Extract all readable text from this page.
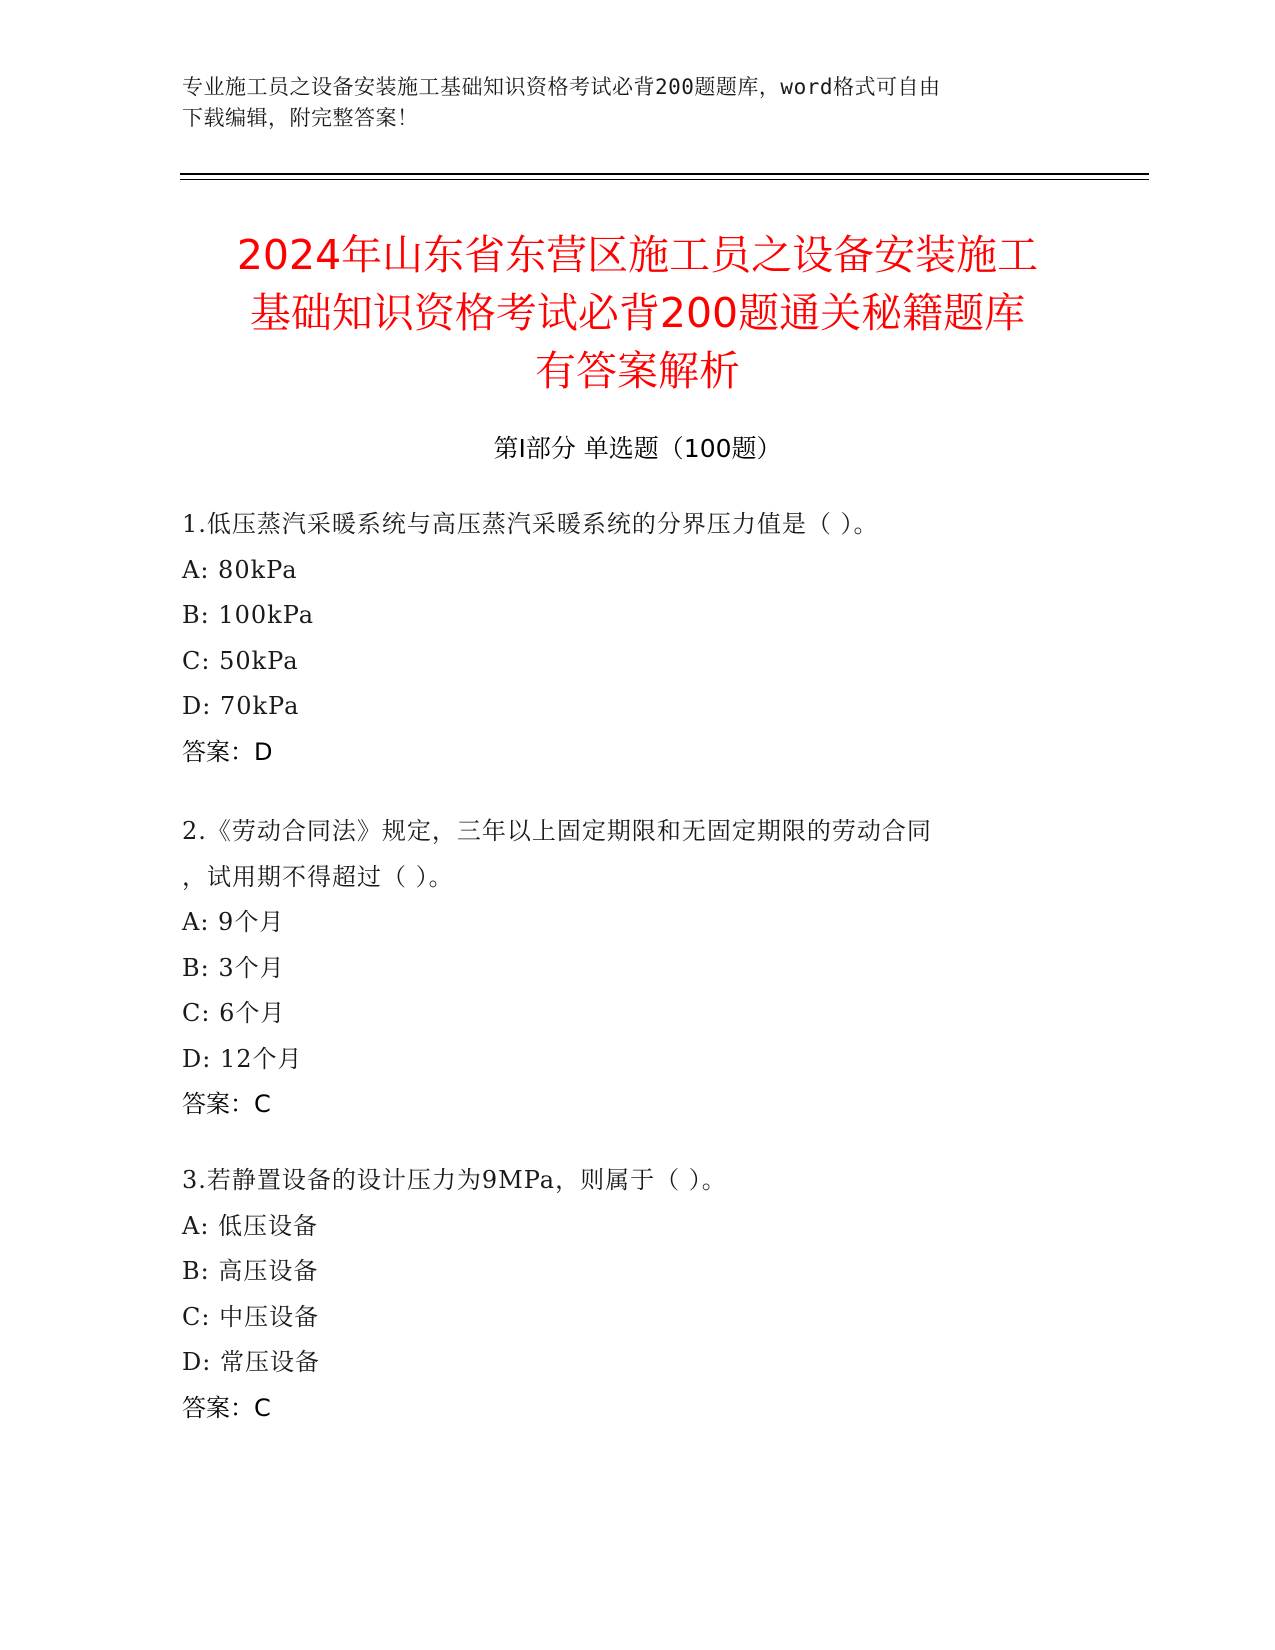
专业施工员之设备安装施工基础知识资格考试必背200题题库，word格式可自由
下载编辑，附完整答案！
2024年山东省东营区施工员之设备安装施工
基础知识资格考试必背200题通关秘籍题库
有答案解析
第Ⅰ部分 单选题（100题）
1.低压蒸汽采暖系统与高压蒸汽采暖系统的分界压力值是（ ）。
A: 80kPa
B: 100kPa
C: 50kPa
D: 70kPa
答案：D
2.《劳动合同法》规定，三年以上固定期限和无固定期限的劳动合同
，试用期不得超过（ ）。
A: 9个月
B: 3个月
C: 6个月
D: 12个月
答案：C
3.若静置设备的设计压力为9MPa，则属于（ ）。
A: 低压设备
B: 高压设备
C: 中压设备
D: 常压设备
答案：C
